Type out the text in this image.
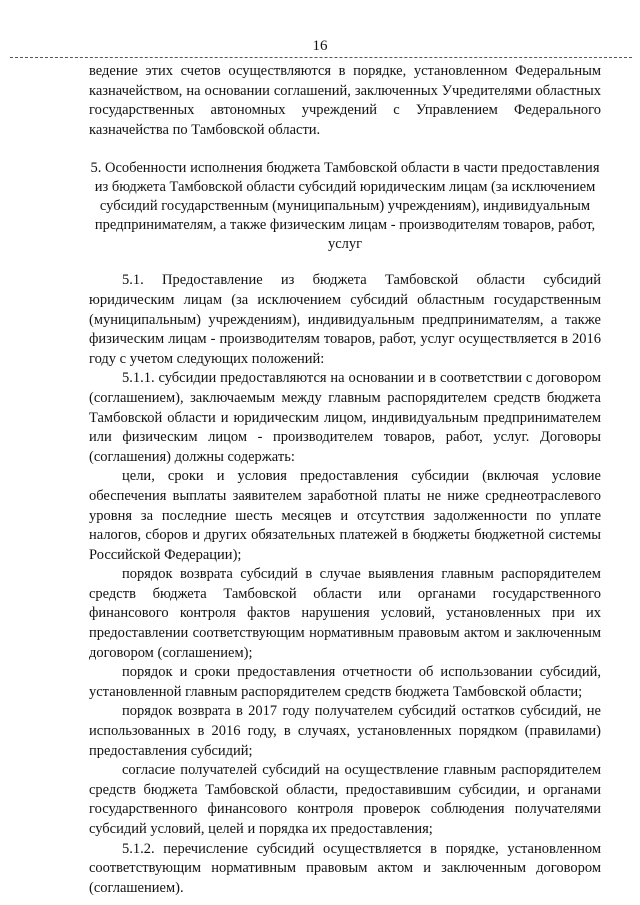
16

ведение этих счетов осуществляются в порядке, установленном Федеральным казначейством, на основании соглашений, заключенных Учредителями областных государственных автономных учреждений с Управлением Федерального казначейства по Тамбовской области.

5. Особенности исполнения бюджета Тамбовской области в части предоставления из бюджета Тамбовской области субсидий юридическим лицам (за исключением субсидий государственным (муниципальным) учреждениям), индивидуальным предпринимателям, а также физическим лицам - производителям товаров, работ, услуг

5.1. Предоставление из бюджета Тамбовской области субсидий юридическим лицам (за исключением субсидий областным государственным (муниципальным) учреждениям), индивидуальным предпринимателям, а также физическим лицам - производителям товаров, работ, услуг осуществляется в 2016 году с учетом следующих положений:

5.1.1. субсидии предоставляются на основании и в соответствии с договором (соглашением), заключаемым между главным распорядителем средств бюджета Тамбовской области и юридическим лицом, индивидуальным предпринимателем или физическим лицом - производителем товаров, работ, услуг. Договоры (соглашения) должны содержать:

цели, сроки и условия предоставления субсидии (включая условие обеспечения выплаты заявителем заработной платы не ниже среднеотраслевого уровня за последние шесть месяцев и отсутствия задолженности по уплате налогов, сборов и других обязательных платежей в бюджеты бюджетной системы Российской Федерации);

порядок возврата субсидий в случае выявления главным распорядителем средств бюджета Тамбовской области или органами государственного финансового контроля фактов нарушения условий, установленных при их предоставлении соответствующим нормативным правовым актом и заключенным договором (соглашением);

порядок и сроки предоставления отчетности об использовании субсидий, установленной главным распорядителем средств бюджета Тамбовской области;

порядок возврата в 2017 году получателем субсидий остатков субсидий, не использованных в 2016 году, в случаях, установленных порядком (правилами) предоставления субсидий;

согласие получателей субсидий на осуществление главным распорядителем средств бюджета Тамбовской области, предоставившим субсидии, и органами государственного финансового контроля проверок соблюдения получателями субсидий условий, целей и порядка их предоставления;

5.1.2. перечисление субсидий осуществляется в порядке, установленном соответствующим нормативным правовым актом и заключенным договором (соглашением).
